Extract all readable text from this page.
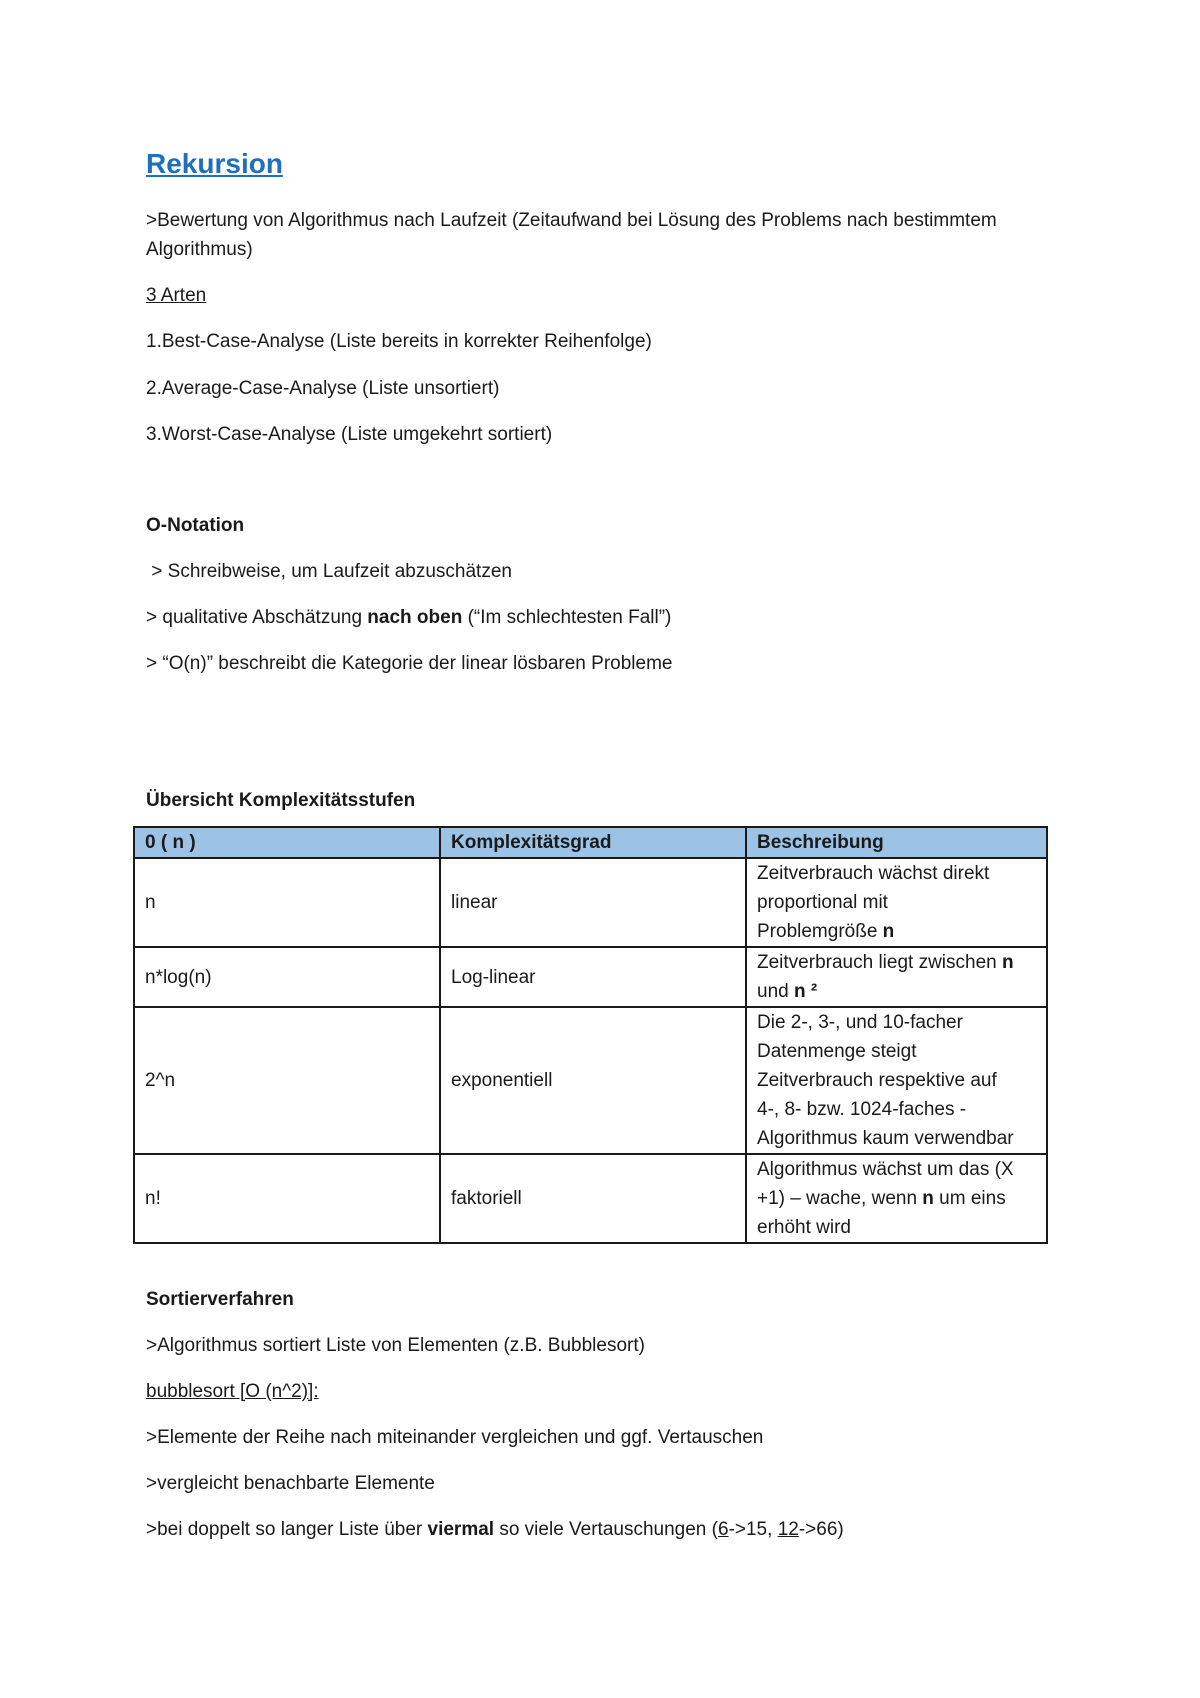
Rekursion
>Bewertung von Algorithmus nach Laufzeit (Zeitaufwand bei Lösung des Problems nach bestimmtem
Algorithmus)
3 Arten
1.Best-Case-Analyse (Liste bereits in korrekter Reihenfolge)
2.Average-Case-Analyse (Liste unsortiert)
3.Worst-Case-Analyse (Liste umgekehrt sortiert)
O-Notation
> Schreibweise, um Laufzeit abzuschätzen
> qualitative Abschätzung nach oben (“Im schlechtesten Fall”)
> “O(n)” beschreibt die Kategorie der linear lösbaren Probleme
Übersicht Komplexitätsstufen
0 ( n )	Komplexitätsgrad	Beschreibung
n	linear	Zeitverbrauch wächst direkt
proportional mit
Problemgröße n
n*log(n)	Log-linear	Zeitverbrauch liegt zwischen n
und n ²
2^n	exponentiell	Die 2-, 3-, und 10-facher
Datenmenge steigt
Zeitverbrauch respektive auf
4-, 8- bzw. 1024-faches -
Algorithmus kaum verwendbar
n!	faktoriell	Algorithmus wächst um das (X
+1) – wache, wenn n um eins
erhöht wird
Sortierverfahren
>Algorithmus sortiert Liste von Elementen (z.B. Bubblesort)
bubblesort [O (n^2)]:
>Elemente der Reihe nach miteinander vergleichen und ggf. Vertauschen
>vergleicht benachbarte Elemente
>bei doppelt so langer Liste über viermal so viele Vertauschungen (6->15, 12->66)
